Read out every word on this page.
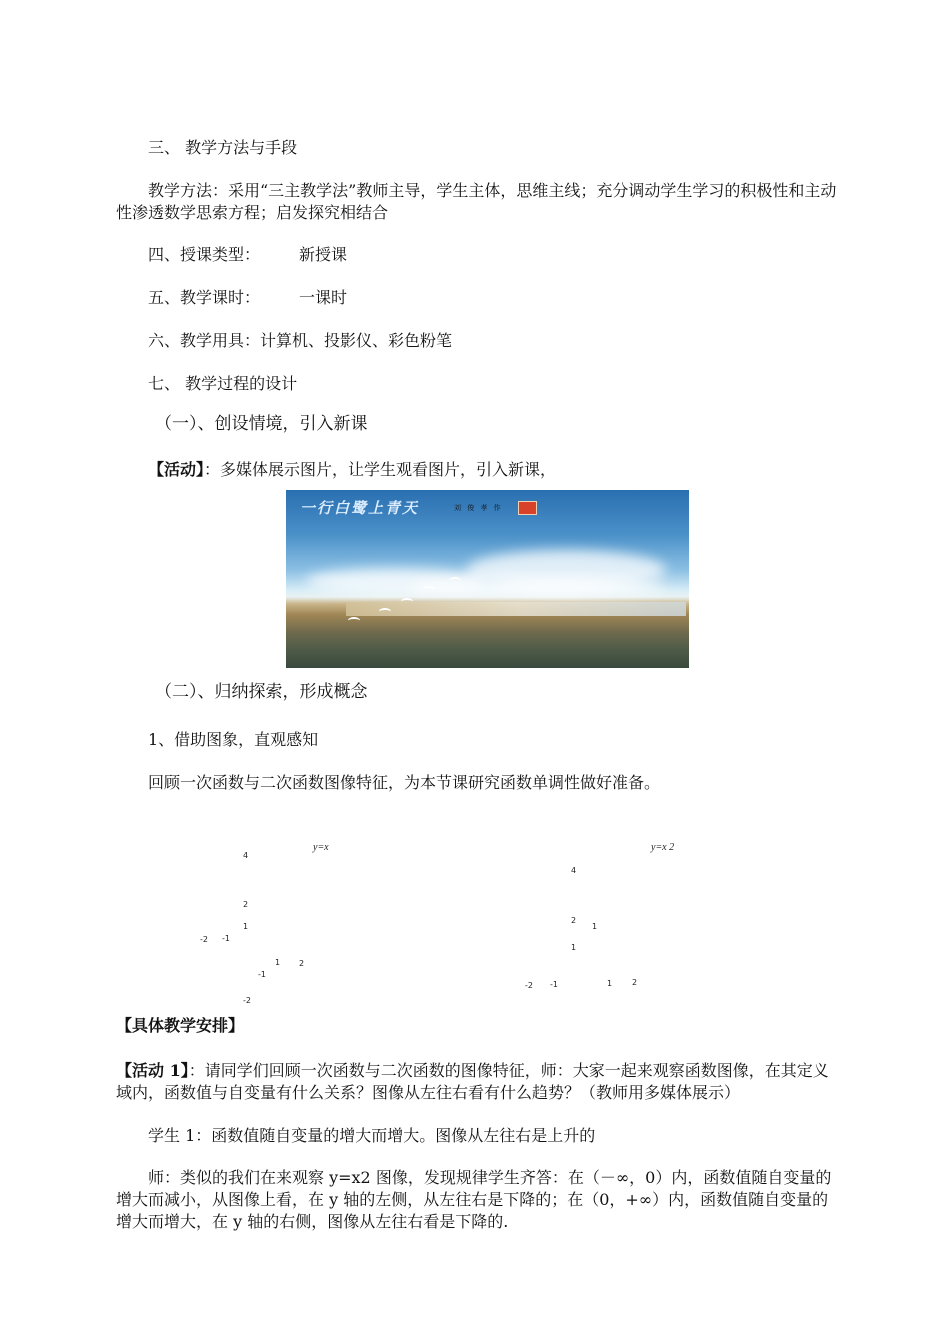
三、 教学方法与手段
教学方法：采用“三主教学法”教师主导，学生主体，思维主线；充分调动学生学习的积极性和主动性渗透数学思索方程；启发探究相结合
四、授课类型： 新授课
五、教学课时： 一课时
六、教学用具：计算机、投影仪、彩色粉笔
七、 教学过程的设计
（一）、创设情境，引入新课
【活动】：多媒体展示图片，让学生观看图片，引入新课，
一行白鹭上青天	刘 俊 孝 作
（二）、归纳探索，形成概念
1、借助图象，直观感知
回顾一次函数与二次函数图像特征，为本节课研究函数单调性做好准备。
y=x
4
2
1
-2 -1
1 2
-1
-2
y=x 2
4
2
1
1
-2 -1	1 2
【具体教学安排】
【活动 1】：请同学们回顾一次函数与二次函数的图像特征，师：大家一起来观察函数图像，在其定义域内，函数值与自变量有什么关系？图像从左往右看有什么趋势？（教师用多媒体展示）
学生 1：函数值随自变量的增大而增大。图像从左往右是上升的
师：类似的我们在来观察 y=x2 图像，发现规律学生齐答：在（－∞，0）内，函数值随自变量的增大而减小，从图像上看，在 y 轴的左侧，从左往右是下降的；在（0，+∞）内，函数值随自变量的增大而增大，在 y 轴的右侧，图像从左往右看是下降的.
